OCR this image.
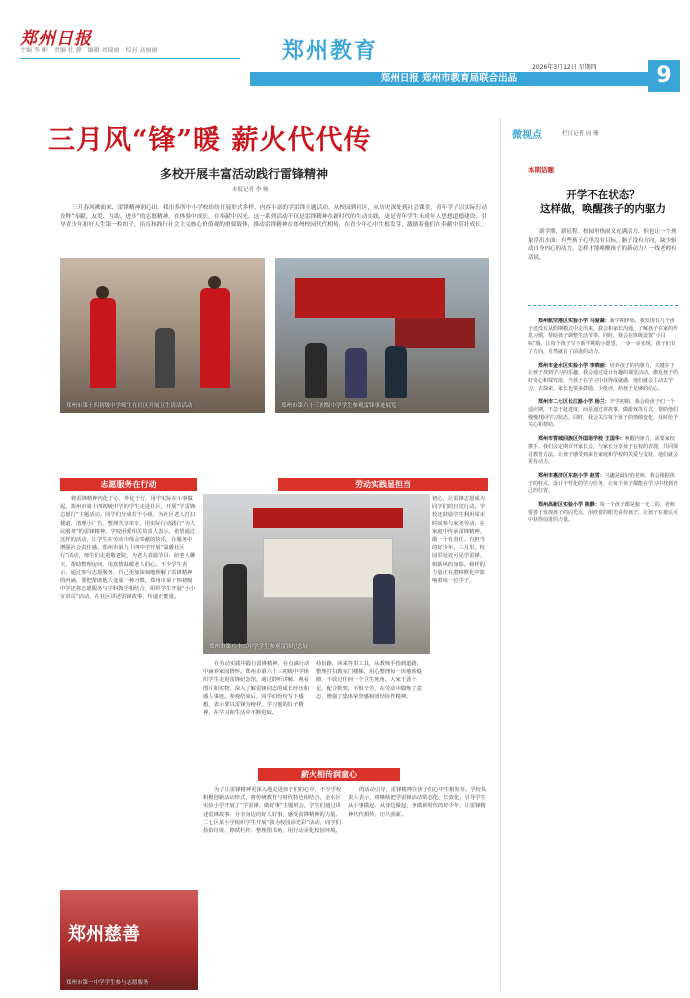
郑州日报
主编 李 彬　责编 杜 静　编辑 刘瑞丽　校对 高丽丽	郑州教育
2026年3月12日 星期四
郑州日报 郑州市教育局联合出品	9
三月风“锋”暖 薪火代代传
多校开展丰富活动践行雷锋精神
本报记者 李 畅
三月春风拂面来，雷锋精神润心田。我市多所中小学校纷纷开展形式多样、内容丰富的学雷锋主题活动。从校园到社区，从历史深处到社会课堂，青年学子以实际行动诠释“奉献、友爱、互助、进步”的志愿精神，在体验中成长，在奉献中闪光。这一系列活动不仅是雷锋精神在新时代的生动实践，更是青年学生未成年人思想道德建设、引导青少年扣好人生第一粒扣子，培育和践行社会主义核心价值观的重要载体，推动雷锋精神在郑州校园代代相传，在青少年心中生根发芽，激励着他们在奉献中茁壮成长。
郑州市第十四初级中学师生在社区开展卫生清洁活动	郑州市第六十三初级中学学生参观雷锋事迹展览
志愿服务在行动	劳动实践显担当
将雷锋精神内化于心、外化于行，用学实际在小事做起。郑州市第十四初级中学的学生走进社区，开展“学雷锋·志愿行”主题活动。同学们分成若干小组，为社区老人打扫楼道、清理小广告、整理共享单车，用实际行动践行“为人民服务”的雷锋精神。学校团委相关负责人表示，希望通过这样的活动，让学生在劳动中体会奉献的快乐，在服务中增强社会责任感。郑州市第九十四中学开展“温暖社区行”活动，师生们走进敬老院，为老人表演节目、陪老人聊天、帮助整理房间，用真情温暖老人的心。不少学生表示，通过参与志愿服务，自己更加深刻地理解了雷锋精神的内涵，要把帮助他人变成一种习惯。郑州市第十四初级中学还将志愿服务与学科教学相结合，组织学生开展“小小宣讲员”活动，在社区讲述雷锋故事，传递正能量。
郑州市第八十二中学学生参观雷锋纪念展
在劳动实践中践行雷锋精神，在点滴行动中涵养家国情怀。郑州市第六十三初级中学组织学生走进雷锋纪念馆，通过聆听讲解、观看图片和实物，深入了解雷锋同志的成长经历和感人事迹。参观结束后，同学们纷纷写下感想，表示要以雷锋为榜样，学习他的钉子精神，在学习和生活中不断进取。
持衍路，回来等里工具，从教师手指到道路，整理打扫教室门楼梯、用心整理每一块地砖缝隙，不放过任何一个卫生死角。大家干劲十足，配合默契，不惧辛苦，在劳动中锻炼了意志，增强了集体荣誉感和团结协作精神。
初心，让雷锋志愿成为同学们的自觉行动。学校还鼓励学生利用周末时间参与家务劳动，在家庭中传承雷锋精神，做一个有责任、有担当的好少年。三月里，校园里处处可见学雷锋、树新风的身影，榜样的力量正在潜移默化中影响着每一位学子。
薪火相传润童心
为了让雷锋精神更深入地走进孩子们的心中，不少学校积极创新活动形式，将传统教育与时代特色相结合。金水区实验小学开展了“学雷锋、做好事”主题班会，学生们通过讲述雷锋故事、分享身边的好人好事，感受雷锋精神的力量。二七区某小学组织学生开展“我为校园添光彩”活动，同学们捡拾垃圾、擦拭栏杆、整理图书角，用行动美化校园环境。
的活动引导，雷锋精神在孩子们心中生根发芽。学校负责人表示，将继续把学雷锋活动常态化、长效化，引导学生从小事做起、从身边做起，争做新时代的好少年，让雷锋精神代代相传、历久弥新。
郑州慈善
郑州市第一中学学生参与志愿服务
微视点	栏目记者 周 珊
本期话题
开学不在状态？
这样做，唤醒孩子的内驱力
新学期，新征程。校园里热闹又充满活力，但也让一个现象浮出水面：有些孩子心里没有目标，脑子没有方向，缺少驱动自身内心的动力。怎样才能唤醒孩子的新动力？一线老师有话说。

郑州航空港区实验小学 马爱凝：新学期伊始，我发现有几个孩子还没有从假期模式中走出来。我会和家长沟通，了解孩子在家的作息习惯，帮助孩子调整生活节奏。同时，我会在班级设置“小目标”墙，让每个孩子写下新学期的小愿望，一步一步实现。孩子们有了方向，自然就有了前进的动力。

郑州市金水区实验小学 李晓丽：培养孩子的内驱力，关键在于让孩子找到学习的乐趣。我会通过设计有趣的课堂活动，激发孩子的好奇心和探究欲。当孩子在学习中获得成就感，他们就会主动去学习、去探索。家长也要多鼓励、少批评，给孩子足够的信心。

郑州市二七区长江路小学 杨兰：开学初期，我会给孩子们一个适应期，不急于赶进度，而是通过讲故事、做游戏等方式，帮助他们慢慢找回学习状态。同时，我会关注每个孩子的情绪变化，及时给予关心和帮助。

郑州市管城回族区外国语学校 王国华：唤醒内驱力，需要家校携手。我们会定期召开家长会，与家长分享孩子在校的表现，共同探讨教育方法。让孩子感受到来自家庭和学校的关爱与支持，他们就会更有动力。

郑州市惠济区东赵小学 赵雪：兴趣是最好的老师。我会根据孩子的特点，设计个性化的学习任务，让每个孩子都能在学习中找到自己的位置。

郑州高新区实验小学 陈静：每一个孩子都是独一无二的。老师要善于发现孩子的闪光点，用欣赏的眼光看待孩子，让孩子在被认可中获得前进的力量。
